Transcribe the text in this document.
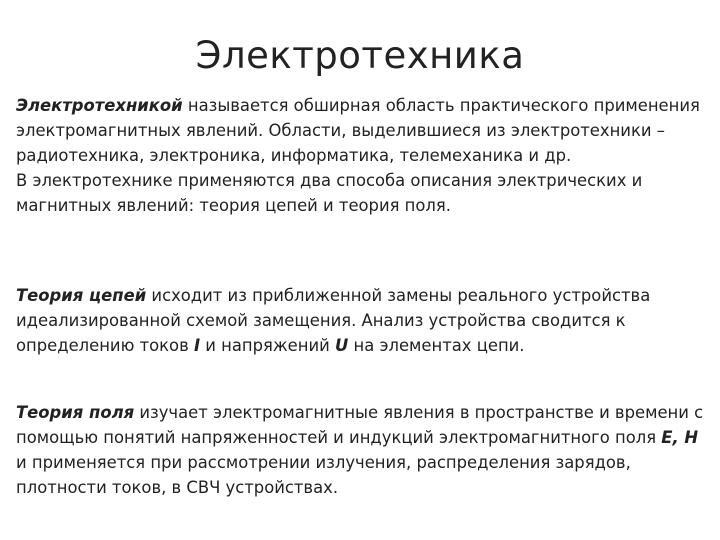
Электротехника

Электротехникой называется обширная область практического применения электромагнитных явлений. Области, выделившиеся из электротехники – радиотехника, электроника, информатика, телемеханика и др.

В электротехнике применяются два способа описания электрических и магнитных явлений: теория цепей и теория поля.

Теория цепей исходит из приближенной замены реального устройства идеализированной схемой замещения. Анализ устройства сводится к определению токов I и напряжений U на элементах цепи.

Теория поля изучает электромагнитные явления в пространстве и времени с помощью понятий напряженностей и индукций электромагнитного поля E, H и применяется при рассмотрении излучения, распределения зарядов, плотности токов, в СВЧ устройствах.
